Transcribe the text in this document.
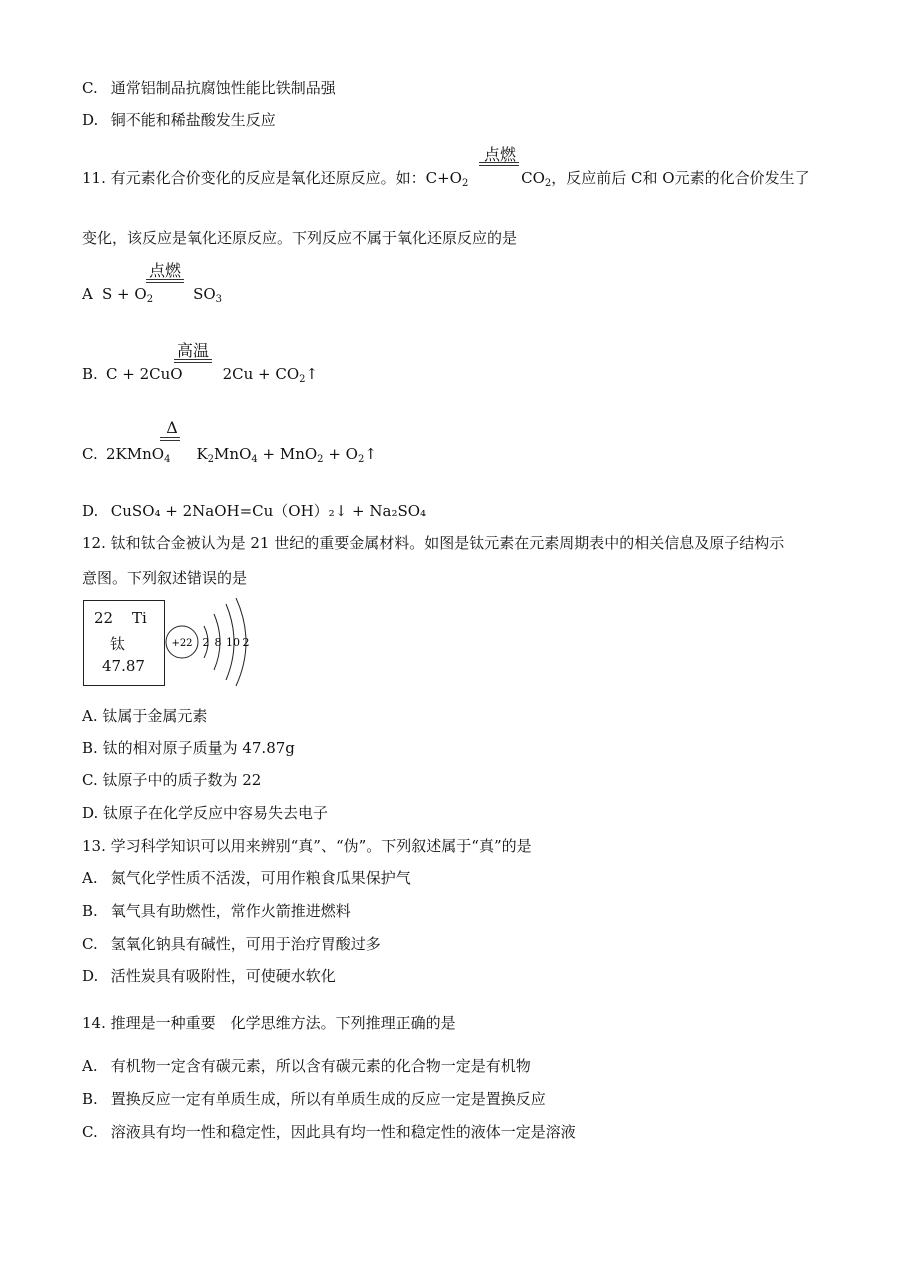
C. 通常铝制品抗腐蚀性能比铁制品强
D. 铜不能和稀盐酸发生反应
11. 有元素化合价变化的反应是氧化还原反应。如：$C+O_2$	$CO_2$，反应前后 C和 O元素的化合价发生了
点燃
变化，该反应是氧化还原反应。下列反应不属于氧化还原反应的是
A $S + O_2$	$SO_3$
点燃
B. C + 2CuO	$2Cu + CO_2↑$
高温
C. 2KMnO$_4$ $K_2MnO_4 + MnO_2$ + $O_2↑$
Δ
D. CuSO₄ + 2NaOH=Cu（OH）₂↓ + Na₂SO₄
12. 钛和钛合金被认为是 21 世纪的重要金属材料。如图是钛元素在元素周期表中的相关信息及原子结构示
意图。下列叙述错误的是
22 Ti
钛
47.87
+22 2 8 10 2
A. 钛属于金属元素
B. 钛的相对原子质量为 47.87g
C. 钛原子中的质子数为 22
D. 钛原子在化学反应中容易失去电子
13. 学习科学知识可以用来辨别“真”、“伪”。下列叙述属于“真”的是
A. 氮气化学性质不活泼，可用作粮食瓜果保护气
B. 氧气具有助燃性，常作火箭推进燃料
C. 氢氧化钠具有碱性，可用于治疗胃酸过多
D. 活性炭具有吸附性，可使硬水软化
14. 推理是一种重要　化学思维方法。下列推理正确的是
A. 有机物一定含有碳元素，所以含有碳元素的化合物一定是有机物
B. 置换反应一定有单质生成，所以有单质生成的反应一定是置换反应
C. 溶液具有均一性和稳定性，因此具有均一性和稳定性的液体一定是溶液
